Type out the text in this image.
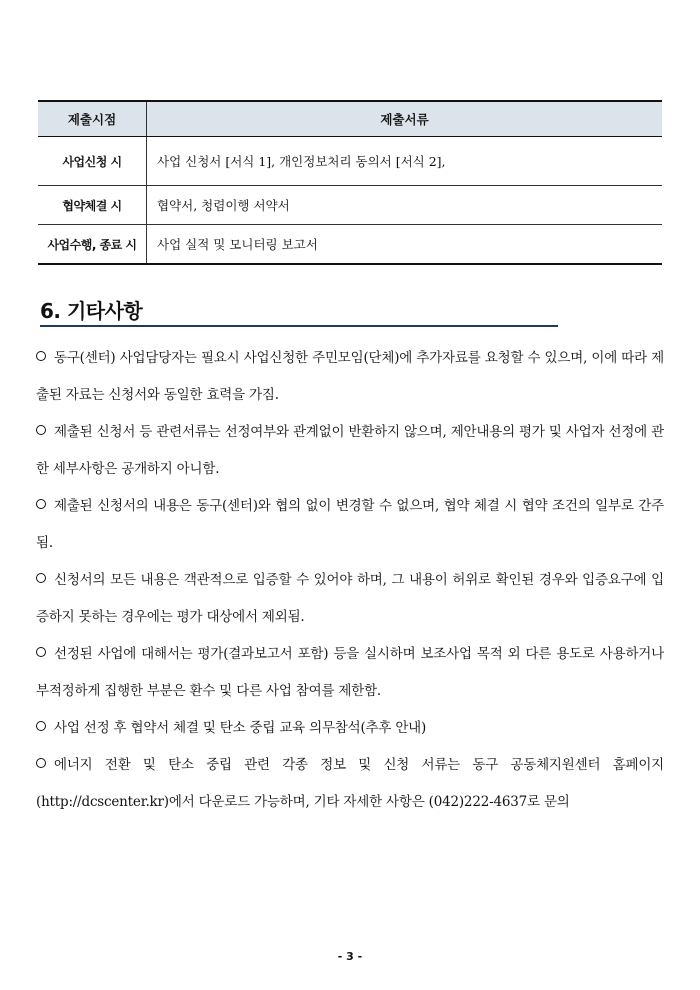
제출시점	제출서류
사업신청 시	사업 신청서 [서식 1], 개인정보처리 동의서 [서식 2],
협약체결 시	협약서, 청렴이행 서약서
사업수행, 종료 시	사업 실적 및 모니터링 보고서
6. 기타사항
동구(센터) 사업담당자는 필요시 사업신청한 주민모임(단체)에 추가자료를 요청할 수 있으며, 이에 따라 제출된 자료는 신청서와 동일한 효력을 가짐.
제출된 신청서 등 관련서류는 선정여부와 관계없이 반환하지 않으며, 제안내용의 평가 및 사업자 선정에 관한 세부사항은 공개하지 아니함.
제출된 신청서의 내용은 동구(센터)와 협의 없이 변경할 수 없으며, 협약 체결 시 협약 조건의 일부로 간주됨.
신청서의 모든 내용은 객관적으로 입증할 수 있어야 하며, 그 내용이 허위로 확인된 경우와 입증요구에 입증하지 못하는 경우에는 평가 대상에서 제외됨.
선정된 사업에 대해서는 평가(결과보고서 포함) 등을 실시하며 보조사업 목적 외 다른 용도로 사용하거나 부적정하게 집행한 부분은 환수 및 다른 사업 참여를 제한함.
사업 선정 후 협약서 체결 및 탄소 중립 교육 의무참석(추후 안내)
에너지 전환 및 탄소 중립 관련 각종 정보 및 신청 서류는 동구 공동체지원센터 홈페이지(http://dcscenter.kr)에서 다운로드 가능하며, 기타 자세한 사항은 (042)222-4637로 문의
- 3 -
